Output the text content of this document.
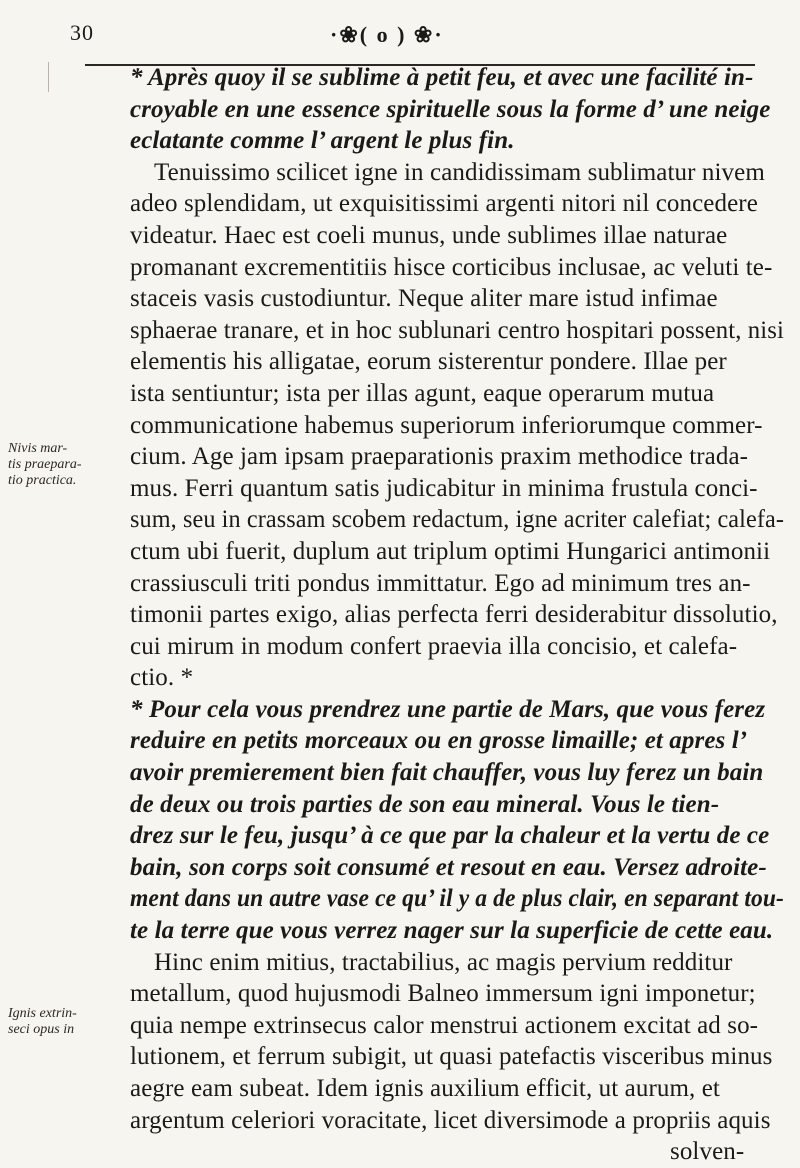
30	·❀( o ) ❀·
Nivis mar-
tis praepara-
tio practica.
Ignis extrin-
seci opus in
* Après quoy il se sublime à petit feu, et avec une facilité in-
croyable en une essence spirituelle sous la forme d’ une neige
eclatante comme l’ argent le plus fin.
Tenuissimo scilicet igne in candidissimam sublimatur nivem
adeo splendidam, ut exquisitissimi argenti nitori nil concedere
videatur. Haec est coeli munus, unde sublimes illae naturae
promanant excrementitiis hisce corticibus inclusae, ac veluti te-
staceis vasis custodiuntur. Neque aliter mare istud infimae
sphaerae tranare, et in hoc sublunari centro hospitari possent, nisi
elementis his alligatae, eorum sisterentur pondere. Illae per
ista sentiuntur; ista per illas agunt, eaque operarum mutua
communicatione habemus superiorum inferiorumque commer-
cium. Age jam ipsam praeparationis praxim methodice trada-
mus. Ferri quantum satis judicabitur in minima frustula conci-
sum, seu in crassam scobem redactum, igne acriter calefiat; calefa-
ctum ubi fuerit, duplum aut triplum optimi Hungarici antimonii
crassiusculi triti pondus immittatur. Ego ad minimum tres an-
timonii partes exigo, alias perfecta ferri desiderabitur dissolutio,
cui mirum in modum confert praevia illa concisio, et calefa-
ctio. *
* Pour cela vous prendrez une partie de Mars, que vous ferez
reduire en petits morceaux ou en grosse limaille; et apres l’
avoir premierement bien fait chauffer, vous luy ferez un bain
de deux ou trois parties de son eau mineral. Vous le tien-
drez sur le feu, jusqu’ à ce que par la chaleur et la vertu de ce
bain, son corps soit consumé et resout en eau. Versez adroite-
ment dans un autre vase ce qu’ il y a de plus clair, en separant tou-
te la terre que vous verrez nager sur la superficie de cette eau.
Hinc enim mitius, tractabilius, ac magis pervium redditur
metallum, quod hujusmodi Balneo immersum igni imponetur;
quia nempe extrinsecus calor menstrui actionem excitat ad so-
lutionem, et ferrum subigit, ut quasi patefactis visceribus minus
aegre eam subeat. Idem ignis auxilium efficit, ut aurum, et
argentum celeriori voracitate, licet diversimode a propriis aquis
solven-
